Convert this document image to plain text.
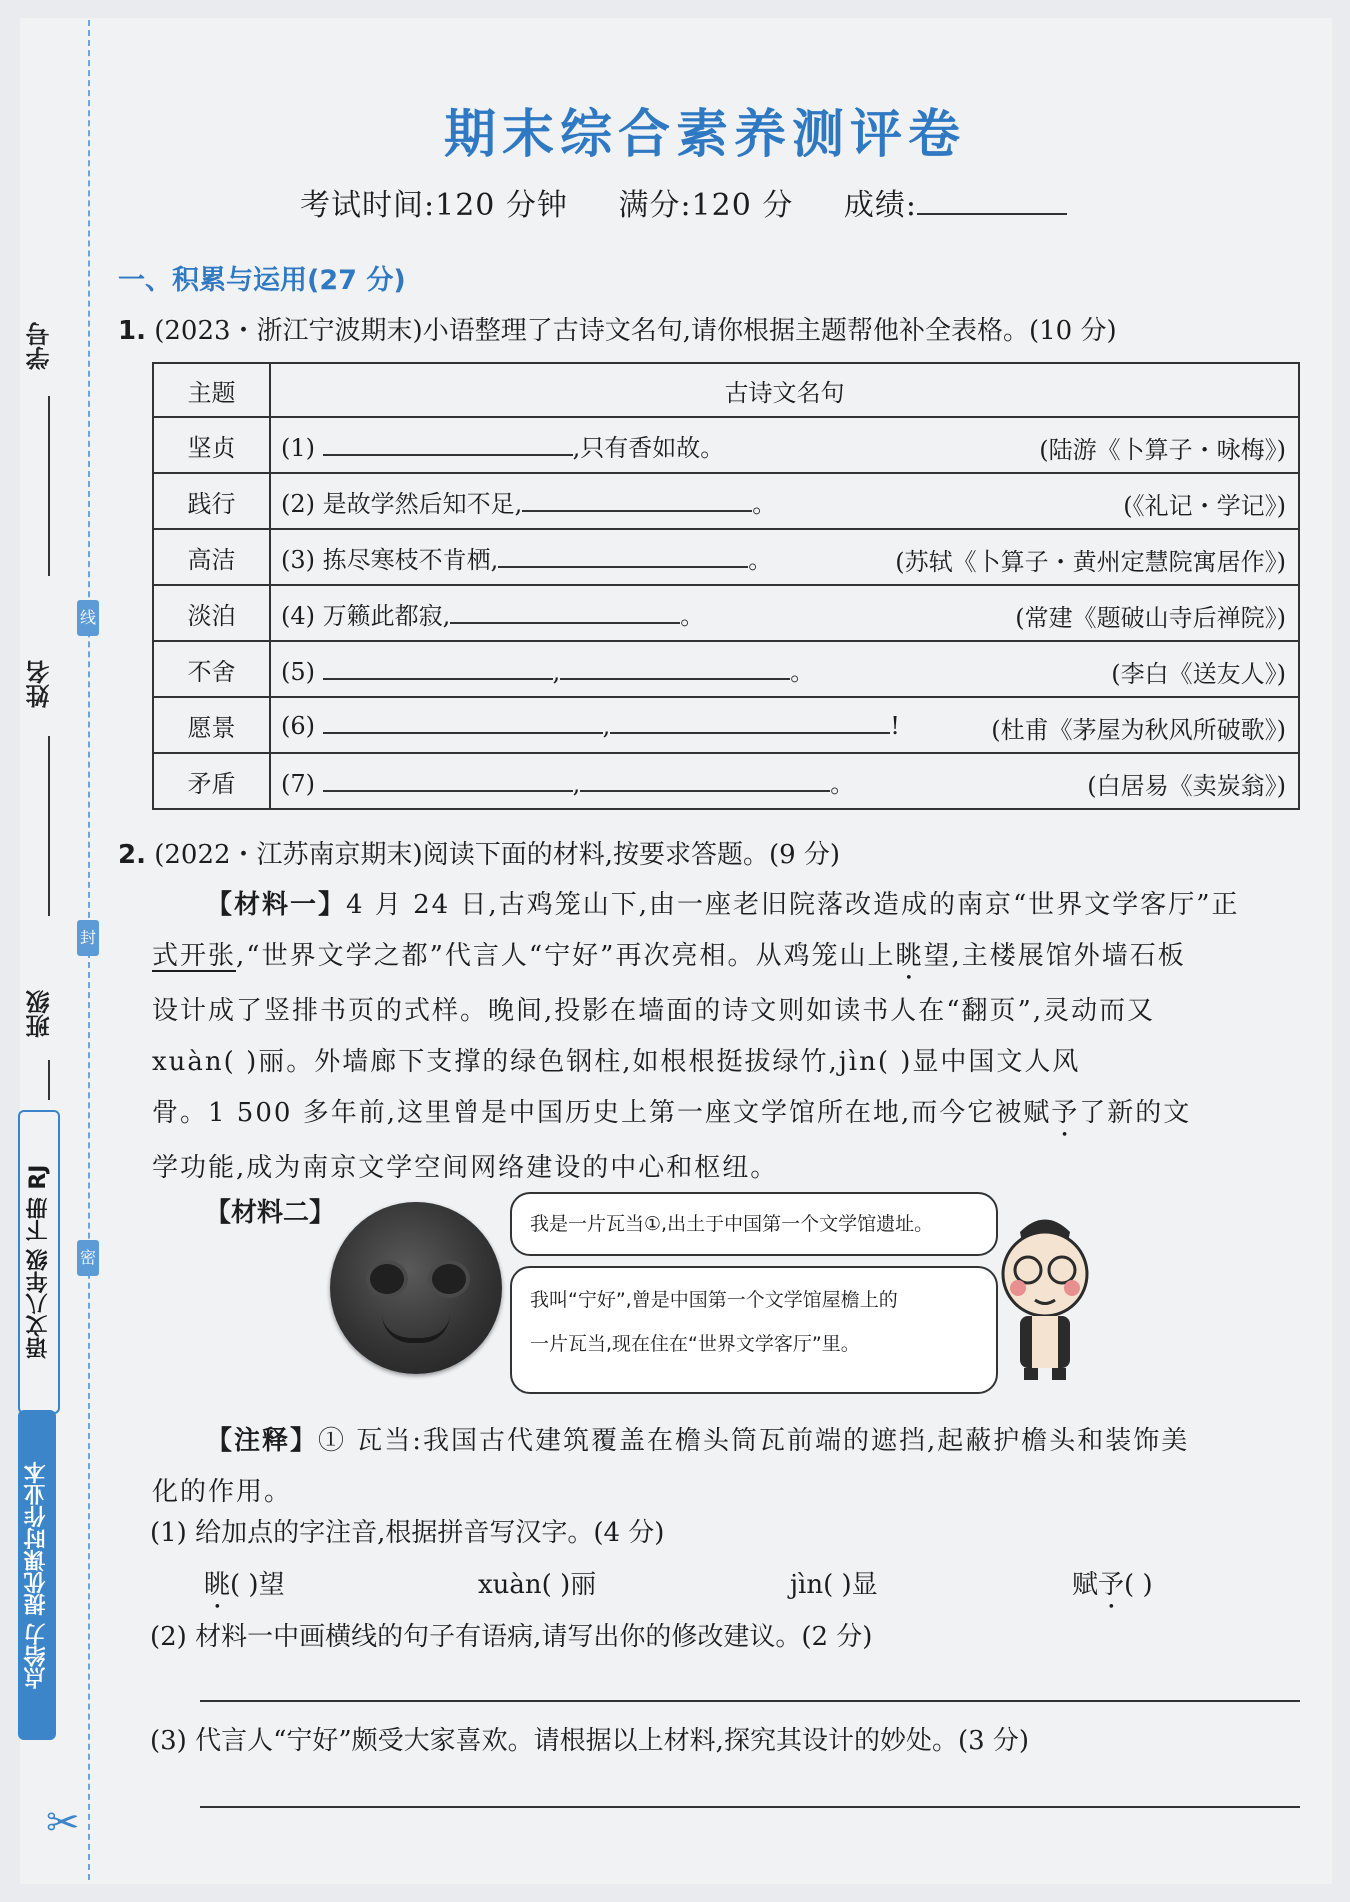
学号
线
姓名
封
班级
语文八年级 下册 RJ	密
点给力 提优课时作业本
✂
期末综合素养测评卷
考试时间:120 分钟 满分:120 分 成绩:
一、积累与运用(27 分)
1. (2023・浙江宁波期末)小语整理了古诗文名句,请你根据主题帮他补全表格。(10 分)
主题	古诗文名句
坚贞	(1) ,只有香如故。 (陆游《卜算子・咏梅》)

践行	(2) 是故学然后知不足, 。 (《礼记・学记》)

高洁	(3) 拣尽寒枝不肯栖, 。 (苏轼《卜算子・黄州定慧院寓居作》)

淡泊	(4) 万籁此都寂, 。 (常建《题破山寺后禅院》)

不舍	(5) , 。 (李白《送友人》)

愿景	(6) , ! (杜甫《茅屋为秋风所破歌》)

矛盾	(7) , 。 (白居易《卖炭翁》)
2. (2022・江苏南京期末)阅读下面的材料,按要求答题。(9 分)
【材料一】4 月 24 日,古鸡笼山下,由一座老旧院落改造成的南京“世界文学客厅”正
式开张,“世界文学之都”代言人“宁好”再次亮相。从鸡笼山上眺望,主楼展馆外墙石板
设计成了竖排书页的式样。晚间,投影在墙面的诗文则如读书人在“翻页”,灵动而又
xuàn( )丽。外墙廊下支撑的绿色钢柱,如根根挺拔绿竹,jìn( )显中国文人风
骨。1 500 多年前,这里曾是中国历史上第一座文学馆所在地,而今它被赋予了新的文
学功能,成为南京文学空间网络建设的中心和枢纽。
【材料二】	我是一片瓦当①,出土于中国第一个文学馆遗址。
我叫“宁好”,曾是中国第一个文学馆屋檐上的
一片瓦当,现在住在“世界文学客厅”里。
【注释】① 瓦当:我国古代建筑覆盖在檐头筒瓦前端的遮挡,起蔽护檐头和装饰美
化的作用。
(1) 给加点的字注音,根据拼音写汉字。(4 分)
眺( )望	xuàn( )丽	jìn( )显	赋予( )
(2) 材料一中画横线的句子有语病,请写出你的修改建议。(2 分)
(3) 代言人“宁好”颇受大家喜欢。请根据以上材料,探究其设计的妙处。(3 分)
